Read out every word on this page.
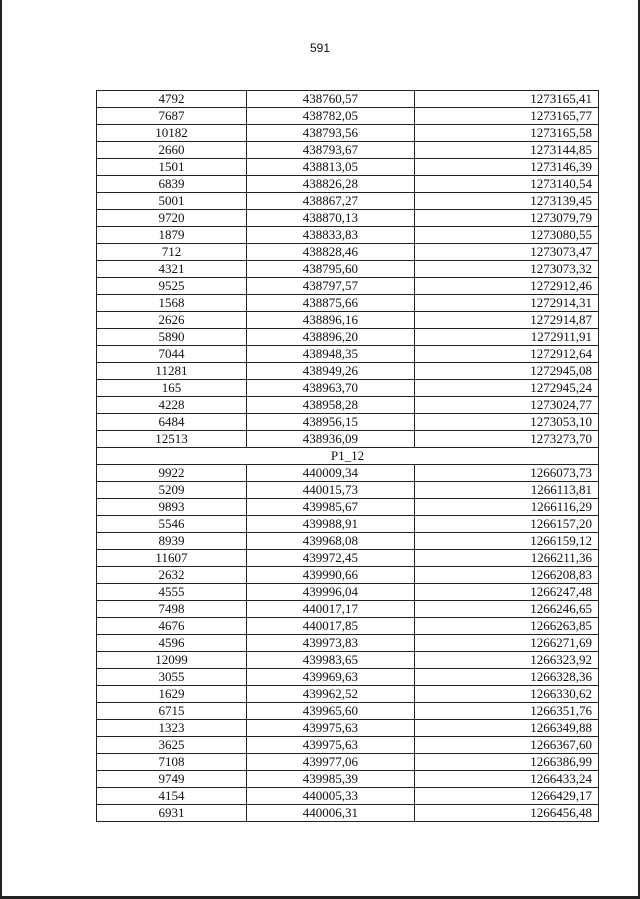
591
4792	438760,57	1273165,41
7687	438782,05	1273165,77
10182	438793,56	1273165,58
2660	438793,67	1273144,85
1501	438813,05	1273146,39
6839	438826,28	1273140,54
5001	438867,27	1273139,45
9720	438870,13	1273079,79
1879	438833,83	1273080,55
712	438828,46	1273073,47
4321	438795,60	1273073,32
9525	438797,57	1272912,46
1568	438875,66	1272914,31
2626	438896,16	1272914,87
5890	438896,20	1272911,91
7044	438948,35	1272912,64
11281	438949,26	1272945,08
165	438963,70	1272945,24
4228	438958,28	1273024,77
6484	438956,15	1273053,10
12513	438936,09	1273273,70
P1_12		
9922	440009,34	1266073,73
5209	440015,73	1266113,81
9893	439985,67	1266116,29
5546	439988,91	1266157,20
8939	439968,08	1266159,12
11607	439972,45	1266211,36
2632	439990,66	1266208,83
4555	439996,04	1266247,48
7498	440017,17	1266246,65
4676	440017,85	1266263,85
4596	439973,83	1266271,69
12099	439983,65	1266323,92
3055	439969,63	1266328,36
1629	439962,52	1266330,62
6715	439965,60	1266351,76
1323	439975,63	1266349,88
3625	439975,63	1266367,60
7108	439977,06	1266386,99
9749	439985,39	1266433,24
4154	440005,33	1266429,17
6931	440006,31	1266456,48
